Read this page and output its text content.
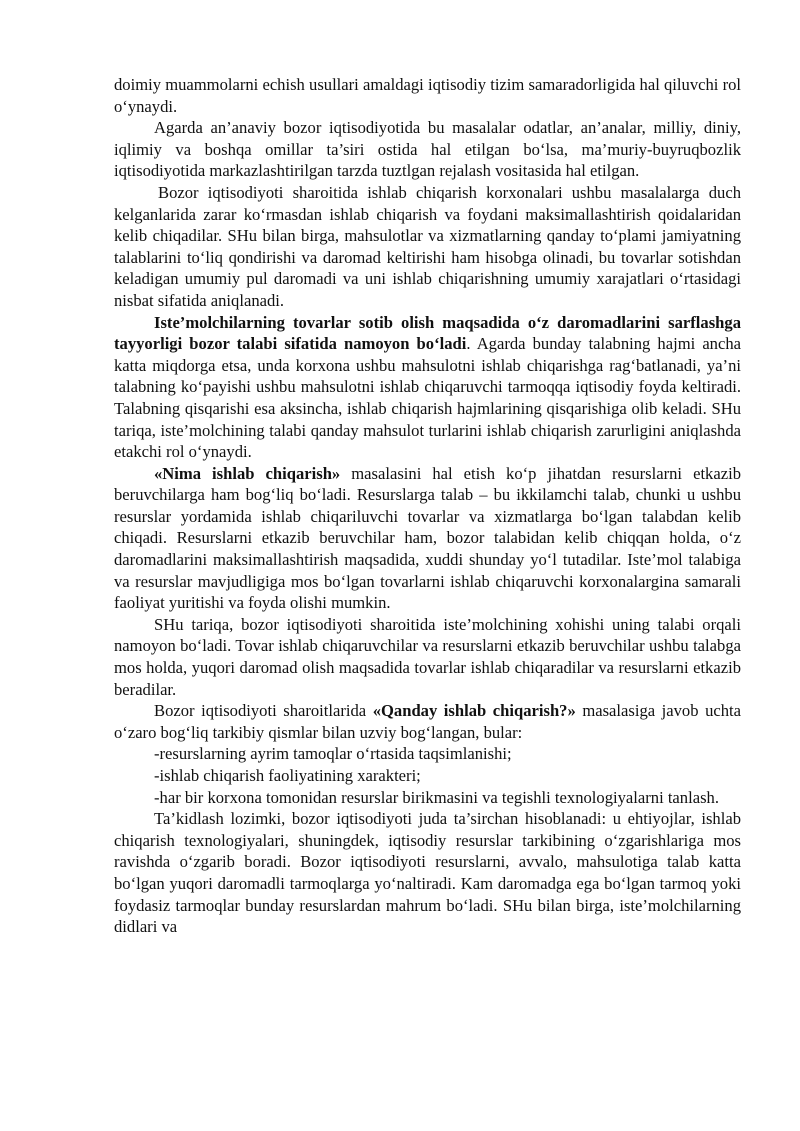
doimiy muammolarni echish usullari amaldagi iqtisodiy tizim samaradorligida hal qiluvchi rol o‘ynaydi.

Agarda an’anaviy bozor iqtisodiyotida bu masalalar odatlar, an’analar, milliy, diniy, iqlimiy va boshqa omillar ta’siri ostida hal etilgan bo‘lsa, ma’muriy-buyruqbozlik iqtisodiyotida markazlashtirilgan tarzda tuztlgan rejalash vositasida hal etilgan.

Bozor iqtisodiyoti sharoitida ishlab chiqarish korxonalari ushbu masalalarga duch kelganlarida zarar ko‘rmasdan ishlab chiqarish va foydani maksimallashtirish qoidalaridan kelib chiqadilar. SHu bilan birga, mahsulotlar va xizmatlarning qanday to‘plami jamiyatning talablarini to‘liq qondirishi va daromad keltirishi ham hisobga olinadi, bu tovarlar sotishdan keladigan umumiy pul daromadi va uni ishlab chiqarishning umumiy xarajatlari o‘rtasidagi nisbat sifatida aniqlanadi.

Iste’molchilarning tovarlar sotib olish maqsadida o‘z daromadlarini sarflashga tayyorligi bozor talabi sifatida namoyon bo‘ladi. Agarda bunday talabning hajmi ancha katta miqdorga etsa, unda korxona ushbu mahsulotni ishlab chiqarishga rag‘batlanadi, ya’ni talabning ko‘payishi ushbu mahsulotni ishlab chiqaruvchi tarmoqqa iqtisodiy foyda keltiradi. Talabning qisqarishi esa aksincha, ishlab chiqarish hajmlarining qisqarishiga olib keladi. SHu tariqa, iste’molchining talabi qanday mahsulot turlarini ishlab chiqarish zarurligini aniqlashda etakchi rol o‘ynaydi.

«Nima ishlab chiqarish» masalasini hal etish ko‘p jihatdan resurslarni etkazib beruvchilarga ham bog‘liq bo‘ladi. Resurslarga talab – bu ikkilamchi talab, chunki u ushbu resurslar yordamida ishlab chiqariluvchi tovarlar va xizmatlarga bo‘lgan talabdan kelib chiqadi. Resurslarni etkazib beruvchilar ham, bozor talabidan kelib chiqqan holda, o‘z daromadlarini maksimallashtirish maqsadida, xuddi shunday yo‘l tutadilar. Iste’mol talabiga va resurslar mavjudligiga mos bo‘lgan tovarlarni ishlab chiqaruvchi korxonalargina samarali faoliyat yuritishi va foyda olishi mumkin.

SHu tariqa, bozor iqtisodiyoti sharoitida iste’molchining xohishi uning talabi orqali namoyon bo‘ladi. Tovar ishlab chiqaruvchilar va resurslarni etkazib beruvchilar ushbu talabga mos holda, yuqori daromad olish maqsadida tovarlar ishlab chiqaradilar va resurslarni etkazib beradilar.

Bozor iqtisodiyoti sharoitlarida «Qanday ishlab chiqarish?» masalasiga javob uchta o‘zaro bog‘liq tarkibiy qismlar bilan uzviy bog‘langan, bular:

-resurslarning ayrim tamoqlar o‘rtasida taqsimlanishi;

-ishlab chiqarish faoliyatining xarakteri;

-har bir korxona tomonidan resurslar birikmasini va tegishli texnologiyalarni tanlash.

Ta’kidlash lozimki, bozor iqtisodiyoti juda ta’sirchan hisoblanadi: u ehtiyojlar, ishlab chiqarish texnologiyalari, shuningdek, iqtisodiy resurslar tarkibining o‘zgarishlariga mos ravishda o‘zgarib boradi. Bozor iqtisodiyoti resurslarni, avvalo, mahsulotiga talab katta bo‘lgan yuqori daromadli tarmoqlarga yo‘naltiradi. Kam daromadga ega bo‘lgan tarmoq yoki foydasiz tarmoqlar bunday resurslardan mahrum bo‘ladi. SHu bilan birga, iste’molchilarning didlari va
